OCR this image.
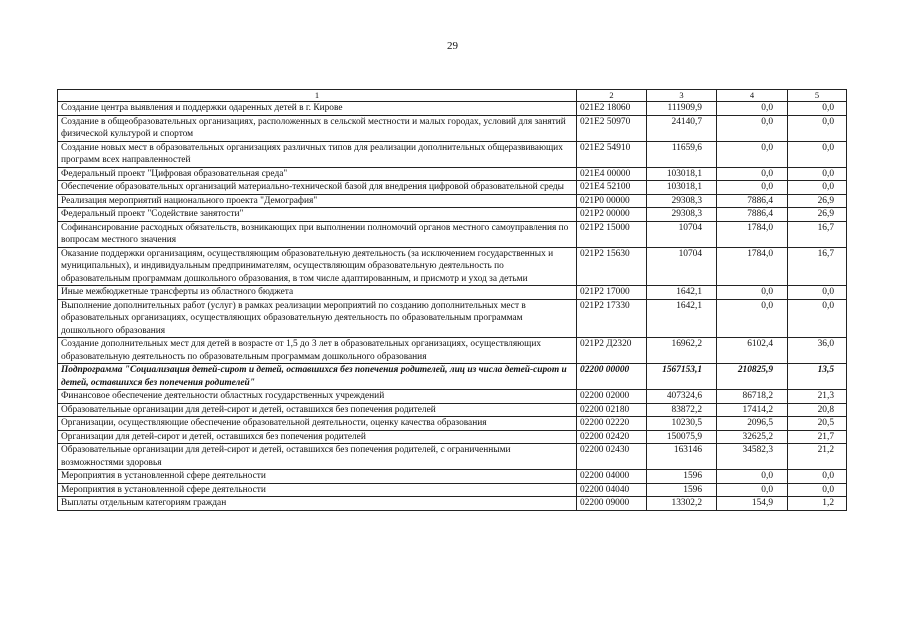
29
1	2	3	4	5
Создание центра выявления и поддержки одаренных детей в г. Кирове	021E2 18060	111909,9	0,0	0,0
Создание в общеобразовательных организациях, расположенных в сельской местности и малых городах, условий для занятий физической культурой и спортом	021E2 50970	24140,7	0,0	0,0
Создание новых мест в образовательных организациях различных типов для реализации дополнительных общеразвивающих программ всех направленностей	021E2 54910	11659,6	0,0	0,0
Федеральный проект "Цифровая образовательная среда"	021E4 00000	103018,1	0,0	0,0
Обеспечение образовательных организаций материально-технической базой для внедрения цифровой образовательной среды	021E4 52100	103018,1	0,0	0,0
Реализация мероприятий национального проекта "Демография"	021P0 00000	29308,3	7886,4	26,9
Федеральный проект "Содействие занятости"	021P2 00000	29308,3	7886,4	26,9
Софинансирование расходных обязательств, возникающих при выполнении полномочий органов местного самоуправления по вопросам местного значения	021P2 15000	10704	1784,0	16,7
Оказание поддержки организациям, осуществляющим образовательную деятельность (за исключением государственных и муниципальных), и индивидуальным предпринимателям, осуществляющим образовательную деятельность по образовательным программам дошкольного образования, в том числе адаптированным, и присмотр и уход за детьми	021P2 15630	10704	1784,0	16,7
Иные межбюджетные трансферты из областного бюджета	021P2 17000	1642,1	0,0	0,0
Выполнение дополнительных работ (услуг) в рамках реализации мероприятий по созданию дополнительных мест в образовательных организациях, осуществляющих образовательную деятельность по образовательным программам дошкольного образования	021P2 17330	1642,1	0,0	0,0
Создание дополнительных мест для детей в возрасте от 1,5 до 3 лет в образовательных организациях, осуществляющих образовательную деятельность по образовательным программам дошкольного образования	021P2 Д2320	16962,2	6102,4	36,0
Подпрограмма "Социализация детей-сирот и детей, оставшихся без попечения родителей, лиц из числа детей-сирот и детей, оставшихся без попечения родителей"	02200 00000	1567153,1	210825,9	13,5
Финансовое обеспечение деятельности областных государственных учреждений	02200 02000	407324,6	86718,2	21,3
Образовательные организации для детей-сирот и детей, оставшихся без попечения родителей	02200 02180	83872,2	17414,2	20,8
Организации, осуществляющие обеспечение образовательной деятельности, оценку качества образования	02200 02220	10230,5	2096,5	20,5
Организации для детей-сирот и детей, оставшихся без попечения родителей	02200 02420	150075,9	32625,2	21,7
Образовательные организации для детей-сирот и детей, оставшихся без попечения родителей, с ограниченными возможностями здоровья	02200 02430	163146	34582,3	21,2
Мероприятия в установленной сфере деятельности	02200 04000	1596	0,0	0,0
Мероприятия в установленной сфере деятельности	02200 04040	1596	0,0	0,0
Выплаты отдельным категориям граждан	02200 09000	13302,2	154,9	1,2
